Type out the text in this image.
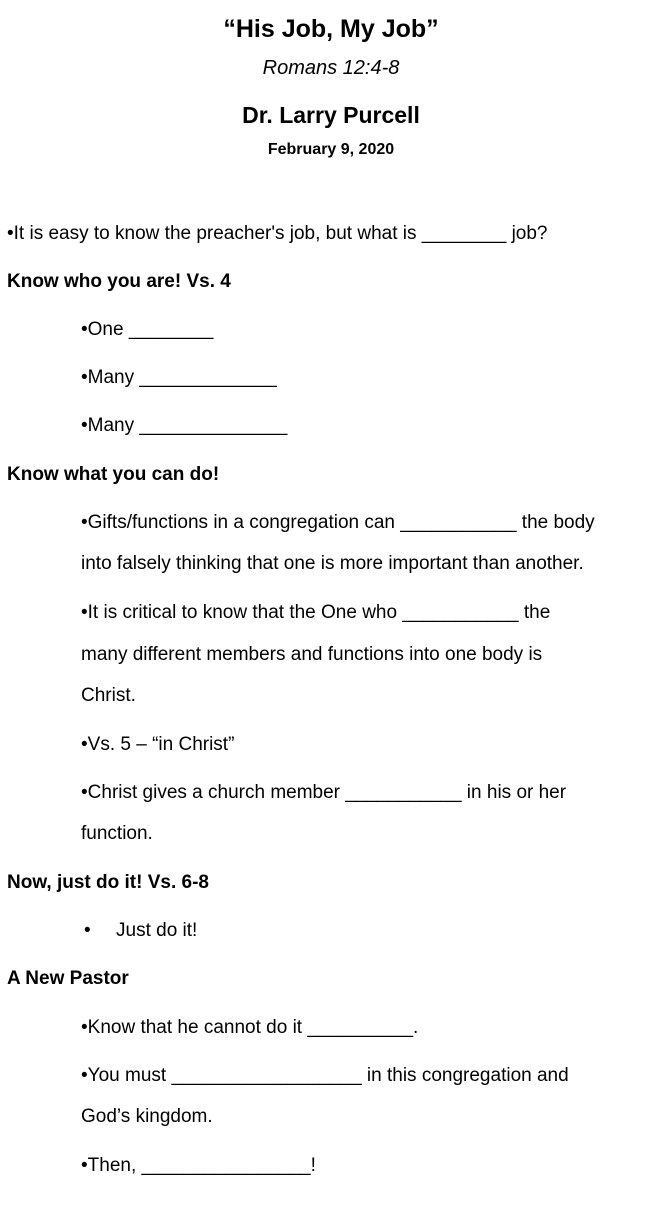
“His Job, My Job”
Romans 12:4-8
Dr. Larry Purcell
February 9, 2020
•It is easy to know the preacher's job, but what is ________ job?
Know who you are! Vs. 4
•One ________
•Many _____________
•Many ______________
Know what you can do!
•Gifts/functions in a congregation can ___________ the body
into falsely thinking that one is more important than another.
•It is critical to know that the One who ___________ the
many different members and functions into one body is
Christ.
•Vs. 5 – “in Christ”
•Christ gives a church member ___________ in his or her
function.
Now, just do it! Vs. 6-8
• Just do it!
A New Pastor
•Know that he cannot do it __________.
•You must __________________ in this congregation and
God’s kingdom.
•Then, ________________!
